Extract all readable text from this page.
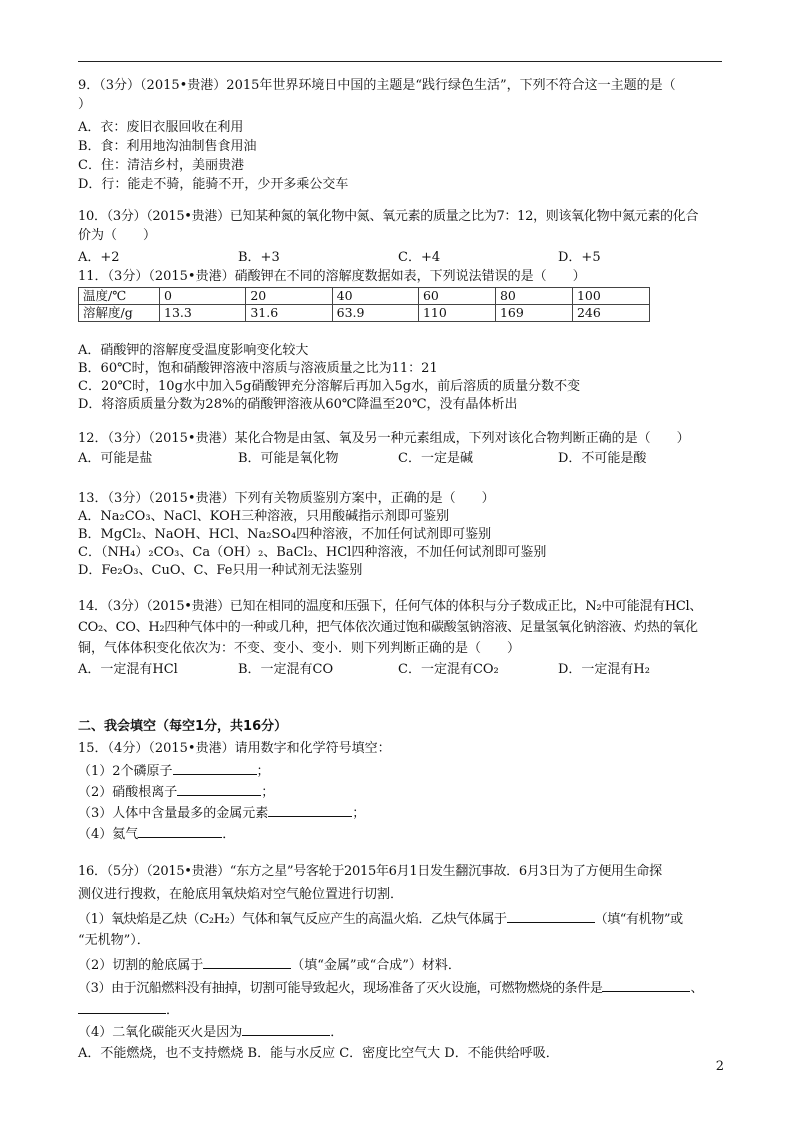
9．（3分）（2015•贵港）2015年世界环境日中国的主题是“践行绿色生活”，下列不符合这一主题的是（
）
A．衣：废旧衣服回收在利用
B．食：利用地沟油制售食用油
C．住：清洁乡村，美丽贵港
D．行：能走不骑，能骑不开，少开多乘公交车
10．（3分）（2015•贵港）已知某种氮的氧化物中氮、氧元素的质量之比为7：12，则该氧化物中氮元素的化合
价为（　　）
A．+2	B．+3	C．+4	D．+5
11．（3分）（2015•贵港）硝酸钾在不同的溶解度数据如表，下列说法错误的是（　　）
温度/℃	0	20	40	60	80	100
溶解度/g	13.3	31.6	63.9	110	169	246
A．硝酸钾的溶解度受温度影响变化较大
B．60℃时，饱和硝酸钾溶液中溶质与溶液质量之比为11：21
C．20℃时，10g水中加入5g硝酸钾充分溶解后再加入5g水，前后溶质的质量分数不变
D．将溶质质量分数为28%的硝酸钾溶液从60℃降温至20℃，没有晶体析出
12．（3分）（2015•贵港）某化合物是由氢、氧及另一种元素组成，下列对该化合物判断正确的是（　　）
A．可能是盐	B．可能是氧化物	C．一定是碱	D．不可能是酸
13．（3分）（2015•贵港）下列有关物质鉴别方案中，正确的是（　　）
A．Na₂CO₃、NaCl、KOH三种溶液，只用酸碱指示剂即可鉴别
B．MgCl₂、NaOH、HCl、Na₂SO₄四种溶液，不加任何试剂即可鉴别
C．（NH₄）₂CO₃、Ca（OH）₂、BaCl₂、HCl四种溶液，不加任何试剂即可鉴别
D．Fe₂O₃、CuO、C、Fe只用一种试剂无法鉴别
14．（3分）（2015•贵港）已知在相同的温度和压强下，任何气体的体积与分子数成正比，N₂中可能混有HCl、
CO₂、CO、H₂四种气体中的一种或几种，把气体依次通过饱和碳酸氢钠溶液、足量氢氧化钠溶液、灼热的氧化
铜，气体体积变化依次为：不变、变小、变小．则下列判断正确的是（　　）
A．一定混有HCl	B．一定混有CO	C．一定混有CO₂	D．一定混有H₂
二、我会填空（每空1分，共16分）
15．（4分）（2015•贵港）请用数字和化学符号填空：
（1）2个磷原子	；
（2）硝酸根离子	；
（3）人体中含量最多的金属元素	；
（4）氦气	．
16．（5分）（2015•贵港）“东方之星”号客轮于2015年6月1日发生翻沉事故．6月3日为了方便用生命探
测仪进行搜救，在舱底用氧炔焰对空气舱位置进行切割．
（1）氧炔焰是乙炔（C₂H₂）气体和氧气反应产生的高温火焰．乙炔气体属于	（填“有机物”或
“无机物”）．
（2）切割的舱底属于	（填“金属”或“合成”）材料．
（3）由于沉船燃料没有抽掉，切割可能导致起火，现场准备了灭火设施，可燃物燃烧的条件是	、
．
（4）二氧化碳能灭火是因为	．
A．不能燃烧，也不支持燃烧 B．能与水反应 C．密度比空气大 D．不能供给呼吸．
2
